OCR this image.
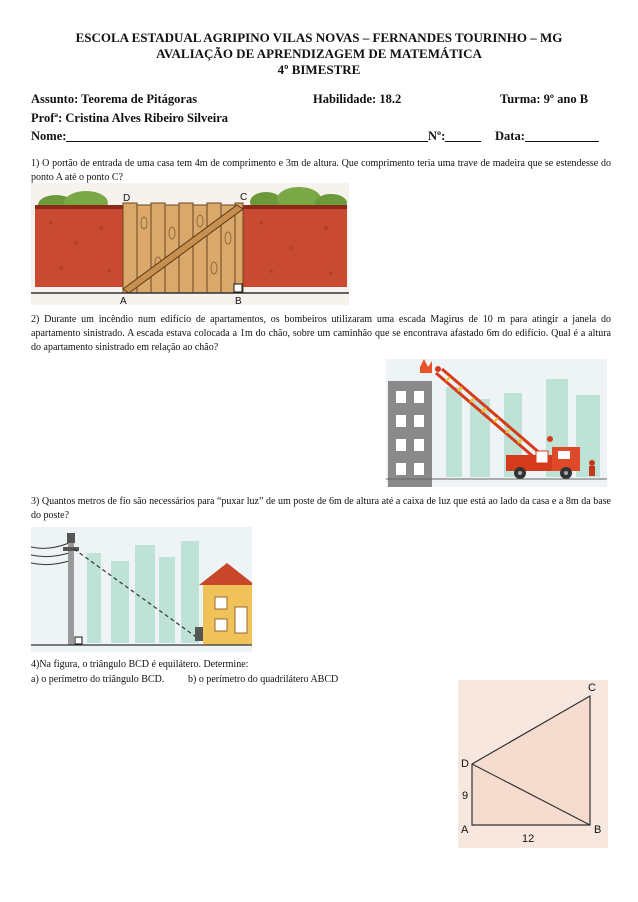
ESCOLA ESTADUAL AGRIPINO VILAS NOVAS – FERNANDES TOURINHO – MG
AVALIAÇÃO DE APRENDIZAGEM DE MATEMÁTICA
4º BIMESTRE
Assunto: Teorema de Pitágoras	Habilidade: 18.2	Turma: 9º ano B
Profª: Cristina Alves Ribeiro Silveira
Nome:	Nº:	Data:
1) O portão de entrada de uma casa tem 4m de comprimento e 3m de altura. Que comprimento teria uma trave de madeira que se estendesse do ponto A até o ponto C?
D	C
A	B
2) Durante um incêndio num edifício de apartamentos, os bombeiros utilizaram uma escada Magirus de 10 m para atingir a janela do apartamento sinistrado. A escada estava colocada a 1m do chão, sobre um caminhão que se encontrava afastado 6m do edifício. Qual é a altura do apartamento sinistrado em relação ao chão?
3) Quantos metros de fio são necessários para “puxar luz” de um poste de 6m de altura até a caixa de luz que está ao lado da casa e a 8m da base do poste?
4)Na figura, o triângulo BCD é equilátero. Determine:
a) o perímetro do triângulo BCD. b) o perímetro do quadrilátero ABCD
C
D
A	B
9
12
